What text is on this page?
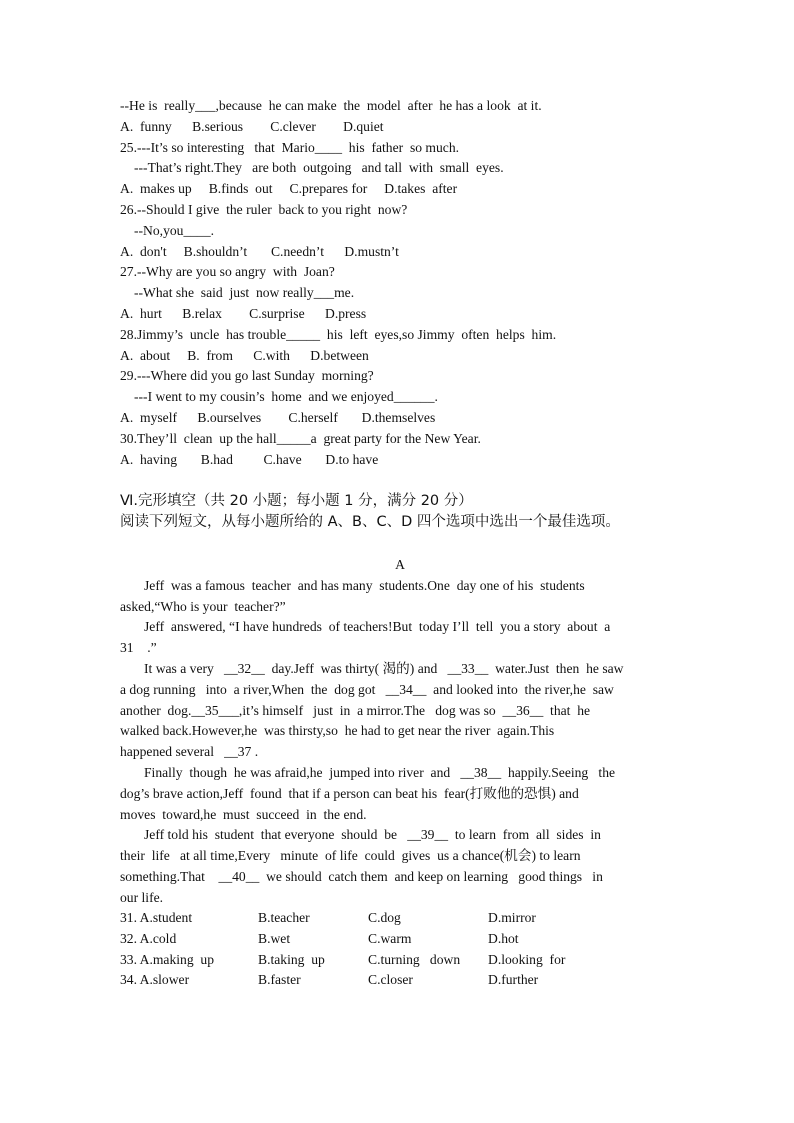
--He is  really___,because  he can make  the  model  after  he has a look  at it.
A.  funny      B.serious        C.clever        D.quiet
25.---It’s so interesting   that  Mario____  his  father  so much.
---That’s right.They   are both  outgoing   and tall  with  small  eyes.
A.  makes up     B.finds  out     C.prepares for     D.takes  after
26.--Should I give  the ruler  back to you right  now?
--No,you____.
A.  don't     B.shouldn’t       C.needn’t      D.mustn’t
27.--Why are you so angry  with  Joan?
--What she  said  just  now really___me.
A.  hurt      B.relax        C.surprise      D.press
28.Jimmy’s  uncle  has trouble_____  his  left  eyes,so Jimmy  often  helps  him.
A.  about     B.  from      C.with      D.between
29.---Where did you go last Sunday  morning?
---I went to my cousin’s  home  and we enjoyed______.
A.  myself      B.ourselves        C.herself       D.themselves
30.They’ll  clean  up the hall_____a  great party for the New Year.
A.  having       B.had         C.have       D.to have
Ⅵ.完形填空（共 20 小题；每小题 1 分，满分 20 分）
阅读下列短文，从每小题所给的 A、B、C、D 四个选项中选出一个最佳选项。
A
Jeff  was a famous  teacher  and has many  students.One  day one of his  students
asked,“Who is your  teacher?”
Jeff  answered, “I have hundreds  of teachers!But  today I’ll  tell  you a story  about  a
31    .”
It was a very   __32__  day.Jeff  was thirty( 渴的) and   __33__  water.Just  then  he saw
a dog running   into  a river,When  the  dog got   __34__  and looked into  the river,he  saw
another  dog.__35___,it’s himself   just  in  a mirror.The   dog was so  __36__  that  he
walked back.However,he  was thirsty,so  he had to get near the river  again.This
happened several   __37 .
Finally  though  he was afraid,he  jumped into river  and   __38__  happily.Seeing   the
dog’s brave action,Jeff  found  that if a person can beat his  fear(打败他的恐惧) and
moves  toward,he  must  succeed  in  the end.
Jeff told his  student  that everyone  should  be   __39__  to learn  from  all  sides  in
their  life   at all time,Every   minute  of life  could  gives  us a chance(机会) to learn
something.That    __40__  we should  catch them  and keep on learning   good things   in
our life.
31. A.student	B.teacher	C.dog	D.mirror
32. A.cold	B.wet	C.warm	D.hot
33. A.making  up	B.taking  up	C.turning   down	D.looking  for
34. A.slower	B.faster	C.closer	D.further
